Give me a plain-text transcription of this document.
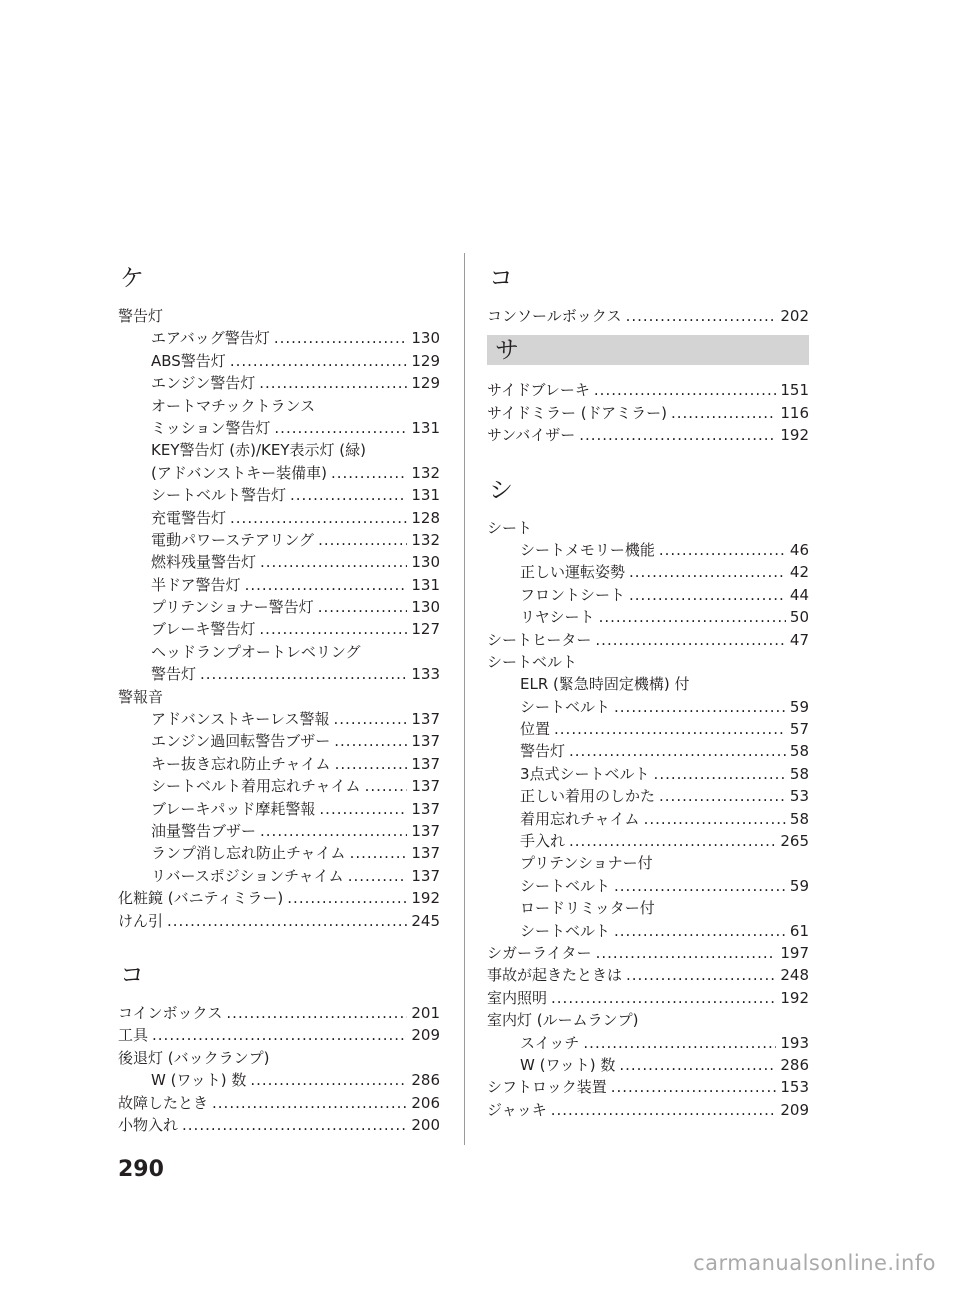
ケ
警告灯
エアバッグ警告灯 .....	130
ABS警告灯 .....	129
エンジン警告灯 .....	129
オートマチックトランス
ミッション警告灯 .....	131
KEY警告灯 (赤)/KEY表示灯 (緑)
(アドバンストキー装備車) .....	132
シートベルト警告灯 .....	131
充電警告灯 .....	128
電動パワーステアリング .....	132
燃料残量警告灯 .....	130
半ドア警告灯 .....	131
プリテンショナー警告灯 .....	130
ブレーキ警告灯 .....	127
ヘッドランプオートレベリング
警告灯 .....	133
警報音
アドバンストキーレス警報 .....	137
エンジン過回転警告ブザー .....	137
キー抜き忘れ防止チャイム .....	137
シートベルト着用忘れチャイム .....	137
ブレーキパッド摩耗警報 .....	137
油量警告ブザー .....	137
ランプ消し忘れ防止チャイム .....	137
リバースポジションチャイム .....	137
化粧鏡 (バニティミラー) .....	192
けん引 .....	245
コ
コインボックス .....	201
工具 .....	209
後退灯 (バックランプ)
W (ワット) 数 .....	286
故障したとき .....	206
小物入れ .....	200
コ
コンソールボックス .....	202
サ
サイドブレーキ .....	151
サイドミラー (ドアミラー) .....	116
サンバイザー .....	192
シ
シート
シートメモリー機能 .....	46
正しい運転姿勢 .....	42
フロントシート .....	44
リヤシート .....	50
シートヒーター .....	47
シートベルト
ELR (緊急時固定機構) 付
シートベルト .....	59
位置 .....	57
警告灯 .....	58
3点式シートベルト .....	58
正しい着用のしかた .....	53
着用忘れチャイム .....	58
手入れ .....	265
プリテンショナー付
シートベルト .....	59
ロードリミッター付
シートベルト .....	61
シガーライター .....	197
事故が起きたときは .....	248
室内照明 .....	192
室内灯 (ルームランプ)
スイッチ .....	193
W (ワット) 数 .....	286
シフトロック装置 .....	153
ジャッキ .....	209
290
carmanualsonline.info
